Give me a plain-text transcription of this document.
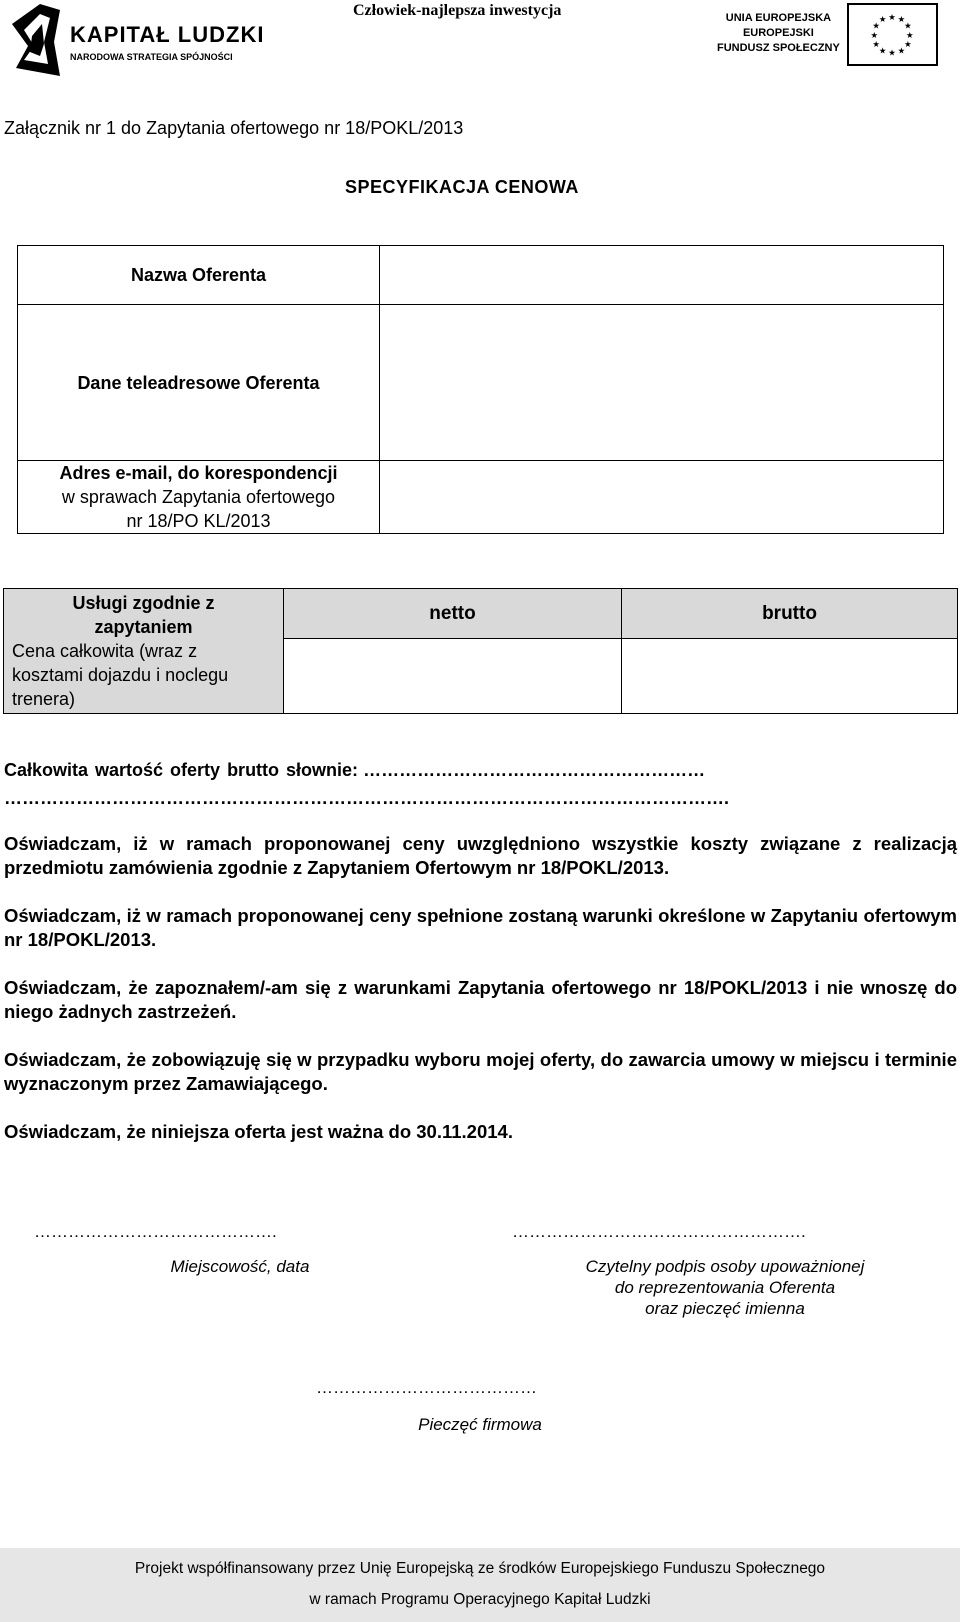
KAPITAŁ LUDZKI
NARODOWA STRATEGIA SPÓJNOŚCI
Człowiek-najlepsza inwestycja	UNIA EUROPEJSKA
EUROPEJSKI
FUNDUSZ SPOŁECZNY
★ ★
★
★
★
★
★
★
★
★
★
★
Załącznik nr 1 do Zapytania ofertowego nr 18/POKL/2013
SPECYFIKACJA CENOWA
Nazwa Oferenta
Dane teleadresowe Oferenta
Adres e-mail, do korespondencji
w sprawach Zapytania ofertowego
nr 18/PO KL/2013
Usługi zgodnie z
zapytaniem
Cena całkowita (wraz z
kosztami dojazdu i noclegu
trenera)
netto	brutto
Całkowita wartość oferty brutto słownie: …………………………………………………
………………………………………………………………………………………………………….
Oświadczam, iż w ramach proponowanej ceny uwzględniono wszystkie koszty związane z realizacją przedmiotu zamówienia zgodnie z Zapytaniem Ofertowym nr 18/POKL/2013.
Oświadczam, iż w ramach proponowanej ceny spełnione zostaną warunki określone w Zapytaniu ofertowym nr 18/POKL/2013.
Oświadczam, że zapoznałem/-am się z warunkami Zapytania ofertowego nr 18/POKL/2013 i nie wnoszę do niego żadnych zastrzeżeń.
Oświadczam, że zobowiązuję się w przypadku wyboru mojej oferty, do zawarcia umowy w miejscu i terminie wyznaczonym przez Zamawiającego.
Oświadczam, że niniejsza oferta jest ważna do 30.11.2014.
…………………………………….
Miejscowość, data
…………………………………………….
Czytelny podpis osoby upoważnionej
do reprezentowania Oferenta
oraz pieczęć imienna
…………………………………
Pieczęć firmowa
Projekt współfinansowany przez Unię Europejską ze środków Europejskiego Funduszu Społecznego
w ramach Programu Operacyjnego Kapitał Ludzki
